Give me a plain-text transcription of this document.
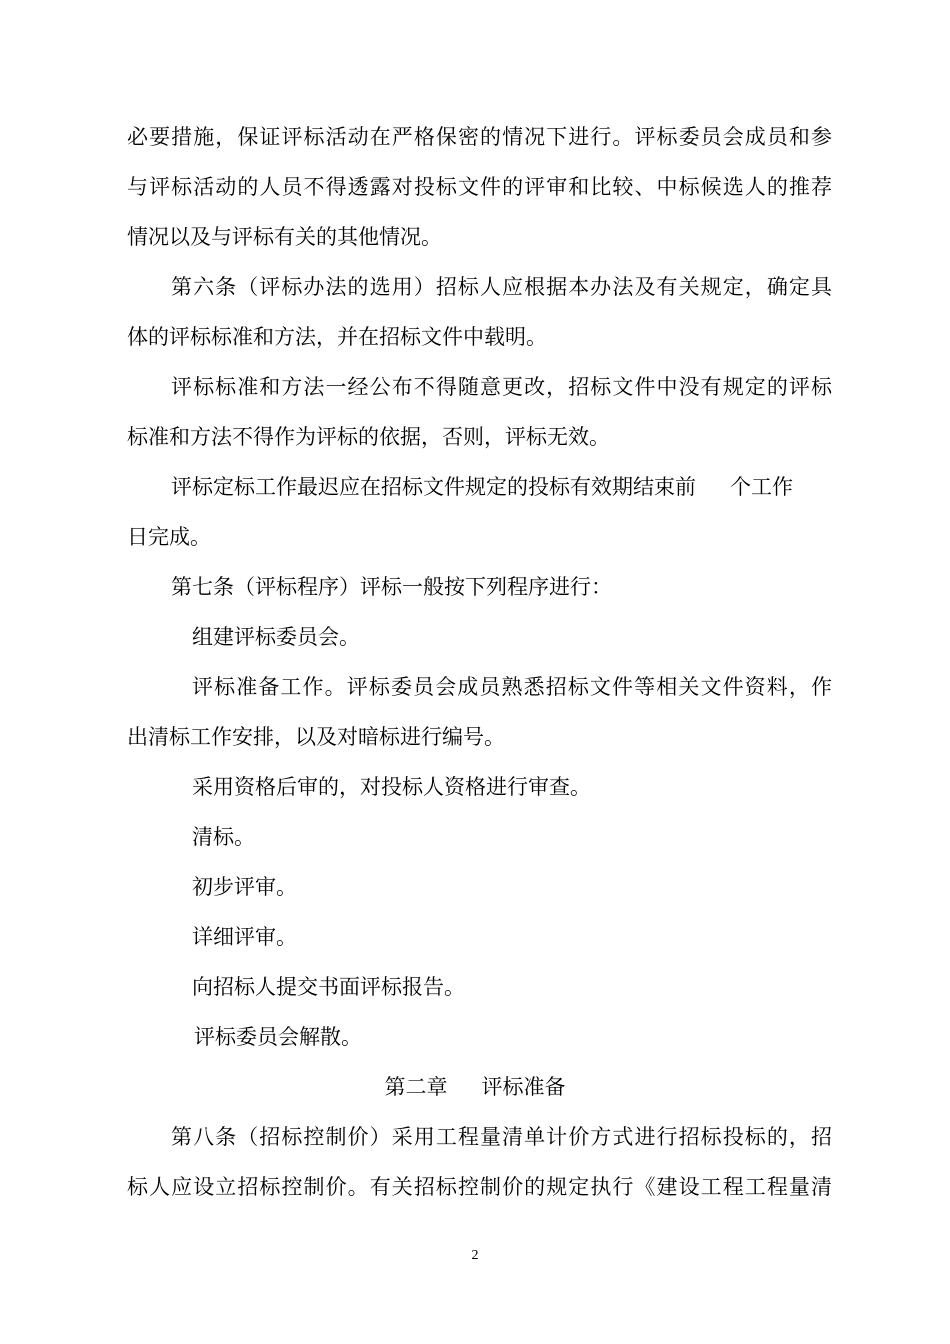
必要措施，保证评标活动在严格保密的情况下进行。评标委员会成员和参
与评标活动的人员不得透露对投标文件的评审和比较、中标候选人的推荐
情况以及与评标有关的其他情况。
第六条（评标办法的选用）招标人应根据本办法及有关规定，确定具
体的评标标准和方法，并在招标文件中载明。
评标标准和方法一经公布不得随意更改，招标文件中没有规定的评标
标准和方法不得作为评标的依据，否则，评标无效。
评标定标工作最迟应在招标文件规定的投标有效期结束前 个工作
日完成。
第七条（评标程序）评标一般按下列程序进行：
组建评标委员会。
评标准备工作。评标委员会成员熟悉招标文件等相关文件资料，作
出清标工作安排，以及对暗标进行编号。
采用资格后审的，对投标人资格进行审查。
清标。
初步评审。
详细评审。
向招标人提交书面评标报告。
评标委员会解散。
第二章 评标准备
第八条（招标控制价）采用工程量清单计价方式进行招标投标的，招
标人应设立招标控制价。有关招标控制价的规定执行《建设工程工程量清
2
